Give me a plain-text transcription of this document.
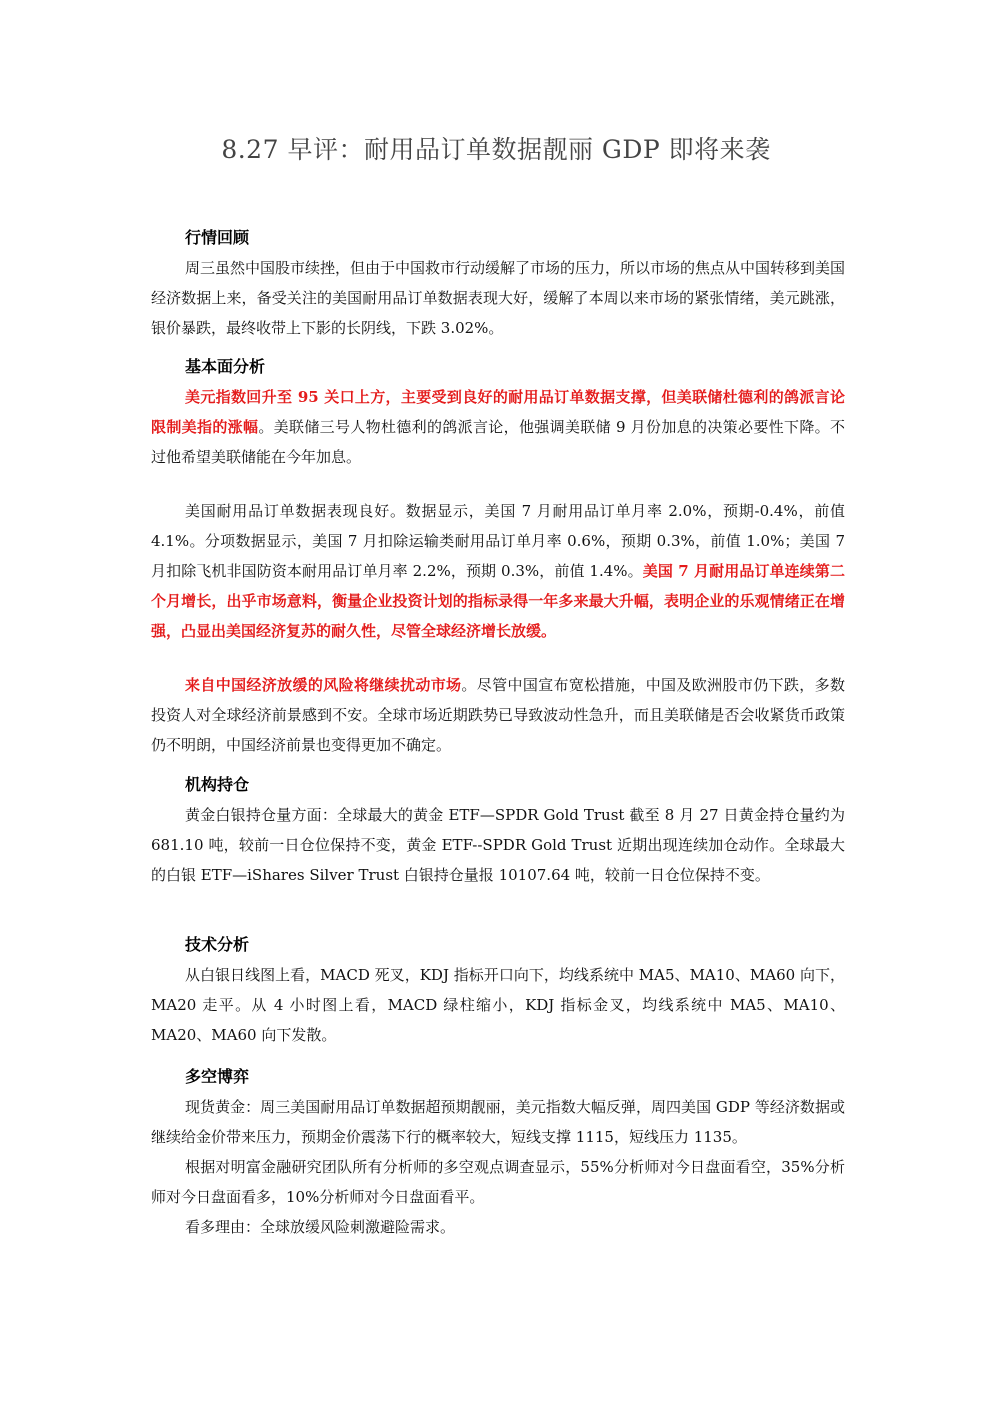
8.27 早评：耐用品订单数据靓丽 GDP 即将来袭
行情回顾

周三虽然中国股市续挫，但由于中国救市行动缓解了市场的压力，所以市场的焦点从中国转移到美国经济数据上来，备受关注的美国耐用品订单数据表现大好，缓解了本周以来市场的紧张情绪，美元跳涨，银价暴跌，最终收带上下影的长阴线，下跌 3.02%。

基本面分析

美元指数回升至 95 关口上方，主要受到良好的耐用品订单数据支撑，但美联储杜德利的鸽派言论限制美指的涨幅。美联储三号人物杜德利的鸽派言论，他强调美联储 9 月份加息的决策必要性下降。不过他希望美联储能在今年加息。

美国耐用品订单数据表现良好。数据显示，美国 7 月耐用品订单月率 2.0%，预期-0.4%，前值 4.1%。分项数据显示，美国 7 月扣除运输类耐用品订单月率 0.6%，预期 0.3%，前值 1.0%；美国 7 月扣除飞机非国防资本耐用品订单月率 2.2%，预期 0.3%，前值 1.4%。美国 7 月耐用品订单连续第二个月增长，出乎市场意料，衡量企业投资计划的指标录得一年多来最大升幅，表明企业的乐观情绪正在增强，凸显出美国经济复苏的耐久性，尽管全球经济增长放缓。

来自中国经济放缓的风险将继续扰动市场。尽管中国宣布宽松措施，中国及欧洲股市仍下跌，多数投资人对全球经济前景感到不安。全球市场近期跌势已导致波动性急升，而且美联储是否会收紧货币政策仍不明朗，中国经济前景也变得更加不确定。

机构持仓

黄金白银持仓量方面：全球最大的黄金 ETF—SPDR Gold Trust 截至 8 月 27 日黄金持仓量约为 681.10 吨，较前一日仓位保持不变，黄金 ETF--SPDR Gold Trust 近期出现连续加仓动作。全球最大的白银 ETF—iShares Silver Trust 白银持仓量报 10107.64 吨，较前一日仓位保持不变。

技术分析

从白银日线图上看，MACD 死叉，KDJ 指标开口向下，均线系统中 MA5、MA10、MA60 向下，MA20 走平。从 4 小时图上看，MACD 绿柱缩小，KDJ 指标金叉，均线系统中 MA5、MA10、MA20、MA60 向下发散。

多空博弈

现货黄金：周三美国耐用品订单数据超预期靓丽，美元指数大幅反弹，周四美国 GDP 等经济数据或继续给金价带来压力，预期金价震荡下行的概率较大，短线支撑 1115，短线压力 1135。

根据对明富金融研究团队所有分析师的多空观点调查显示，55%分析师对今日盘面看空，35%分析师对今日盘面看多，10%分析师对今日盘面看平。

看多理由：全球放缓风险刺激避险需求。
